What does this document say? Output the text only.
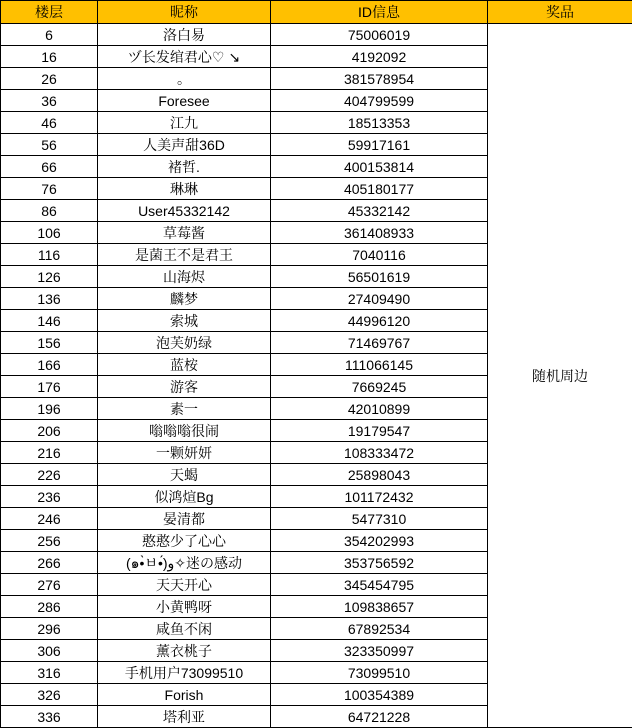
楼层	昵称	ID信息	奖品
6	洛白易	75006019	随机周边
16	ヅ长发绾君心♡ ↘	4192092	
26	。	381578954	
36	Foresee	404799599	
46	江九	18513353	
56	人美声甜36D	59917161	
66	褚哲.	400153814	
76	琳琳	405180177	
86	User45332142	45332142	
106	草莓酱	361408933	
116	是菌王不是君王	7040116	
126	山海烬	56501619	
136	麟梦	27409490	
146	索城	44996120	
156	泡芙奶绿	71469767	
166	蓝桉	111066145	
176	游客	7669245	
196	素一	42010899	
206	嗡嗡嗡很闹	19179547	
216	一颗妍妍	108333472	
226	天蝎	25898043	
236	似鸿煊Bg	101172432	
246	晏清都	5477310	
256	憨憨少了心心	354202993	
266	(๑•̀ㅂ•́)و✧迷の感动	353756592	
276	天天开心	345454795	
286	小黄鸭呀	109838657	
296	咸鱼不闲	67892534	
306	薰衣桃子	323350997	
316	手机用户73099510	73099510	
326	Forish	100354389	
336	塔利亚	64721228	
